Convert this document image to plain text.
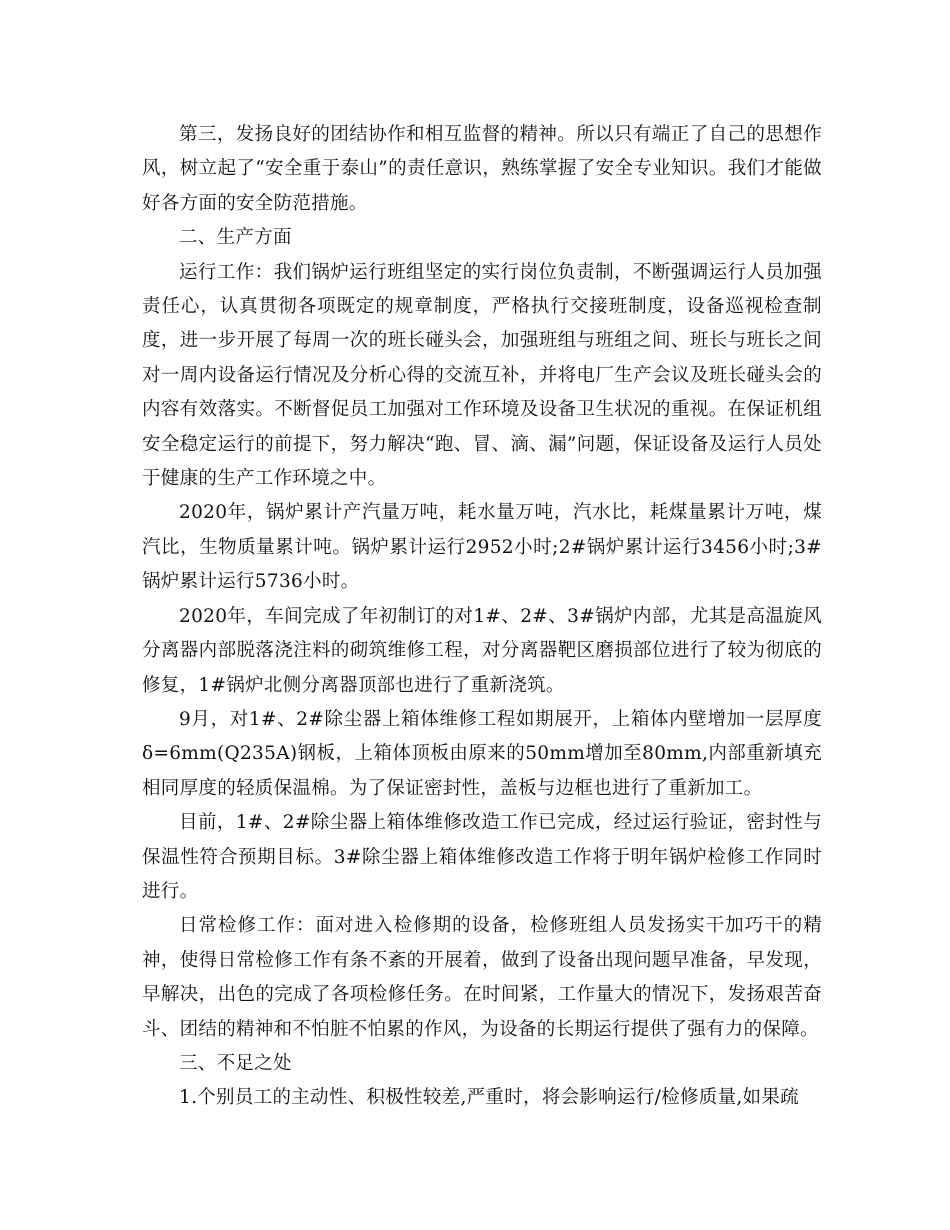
第三，发扬良好的团结协作和相互监督的精神。所以只有端正了自己的思想作风，树立起了“安全重于泰山”的责任意识，熟练掌握了安全专业知识。我们才能做好各方面的安全防范措施。

二、生产方面

运行工作：我们锅炉运行班组坚定的实行岗位负责制，不断强调运行人员加强责任心，认真贯彻各项既定的规章制度，严格执行交接班制度，设备巡视检查制度，进一步开展了每周一次的班长碰头会，加强班组与班组之间、班长与班长之间对一周内设备运行情况及分析心得的交流互补，并将电厂生产会议及班长碰头会的内容有效落实。不断督促员工加强对工作环境及设备卫生状况的重视。在保证机组安全稳定运行的前提下，努力解决“跑、冒、滴、漏”问题，保证设备及运行人员处于健康的生产工作环境之中。

2020年，锅炉累计产汽量万吨，耗水量万吨，汽水比，耗煤量累计万吨，煤汽比，生物质量累计吨。锅炉累计运行2952小时;2#锅炉累计运行3456小时;3#锅炉累计运行5736小时。

2020年，车间完成了年初制订的对1#、2#、3#锅炉内部，尤其是高温旋风分离器内部脱落浇注料的砌筑维修工程，对分离器靶区磨损部位进行了较为彻底的修复，1#锅炉北侧分离器顶部也进行了重新浇筑。

9月，对1#、2#除尘器上箱体维修工程如期展开，上箱体内壁增加一层厚度δ=6mm(Q235A)钢板，上箱体顶板由原来的50mm增加至80mm,内部重新填充相同厚度的轻质保温棉。为了保证密封性，盖板与边框也进行了重新加工。

目前，1#、2#除尘器上箱体维修改造工作已完成，经过运行验证，密封性与保温性符合预期目标。3#除尘器上箱体维修改造工作将于明年锅炉检修工作同时进行。

日常检修工作：面对进入检修期的设备，检修班组人员发扬实干加巧干的精神，使得日常检修工作有条不紊的开展着，做到了设备出现问题早准备，早发现，早解决，出色的完成了各项检修任务。在时间紧，工作量大的情况下，发扬艰苦奋斗、团结的精神和不怕脏不怕累的作风，为设备的长期运行提供了强有力的保障。

三、不足之处

1.个别员工的主动性、积极性较差,严重时，将会影响运行/检修质量,如果疏
